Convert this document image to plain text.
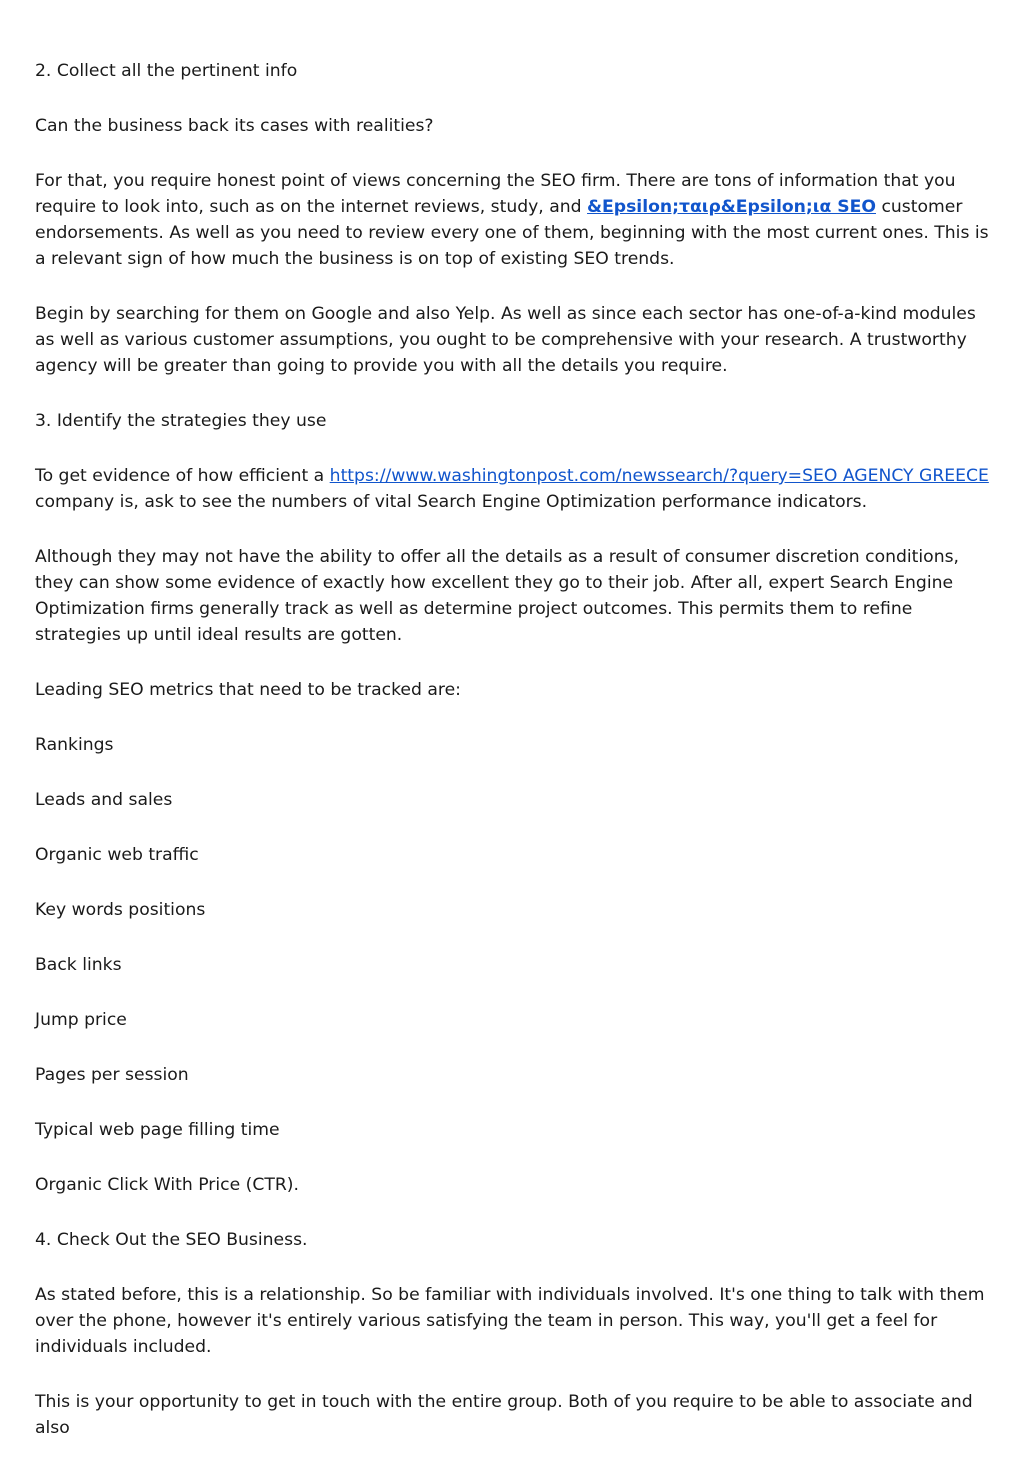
2. Collect all the pertinent info

Can the business back its cases with realities?

For that, you require honest point of views concerning the SEO firm. There are tons of information that you require to look into, such as on the internet reviews, study, and &Epsilon;ταιρ&Epsilon;ια SEO customer endorsements. As well as you need to review every one of them, beginning with the most current ones. This is a relevant sign of how much the business is on top of existing SEO trends.

Begin by searching for them on Google and also Yelp. As well as since each sector has one-of-a-kind modules as well as various customer assumptions, you ought to be comprehensive with your research. A trustworthy agency will be greater than going to provide you with all the details you require.

3. Identify the strategies they use

To get evidence of how efficient a https://www.washingtonpost.com/newssearch/?query=SEO AGENCY GREECE company is, ask to see the numbers of vital Search Engine Optimization performance indicators.

Although they may not have the ability to offer all the details as a result of consumer discretion conditions, they can show some evidence of exactly how excellent they go to their job. After all, expert Search Engine Optimization firms generally track as well as determine project outcomes. This permits them to refine strategies up until ideal results are gotten.

Leading SEO metrics that need to be tracked are:

Rankings

Leads and sales

Organic web traffic

Key words positions

Back links

Jump price

Pages per session

Typical web page filling time

Organic Click With Price (CTR).

4. Check Out the SEO Business.

As stated before, this is a relationship. So be familiar with individuals involved. It's one thing to talk with them over the phone, however it's entirely various satisfying the team in person. This way, you'll get a feel for individuals included.

This is your opportunity to get in touch with the entire group. Both of you require to be able to associate and also
